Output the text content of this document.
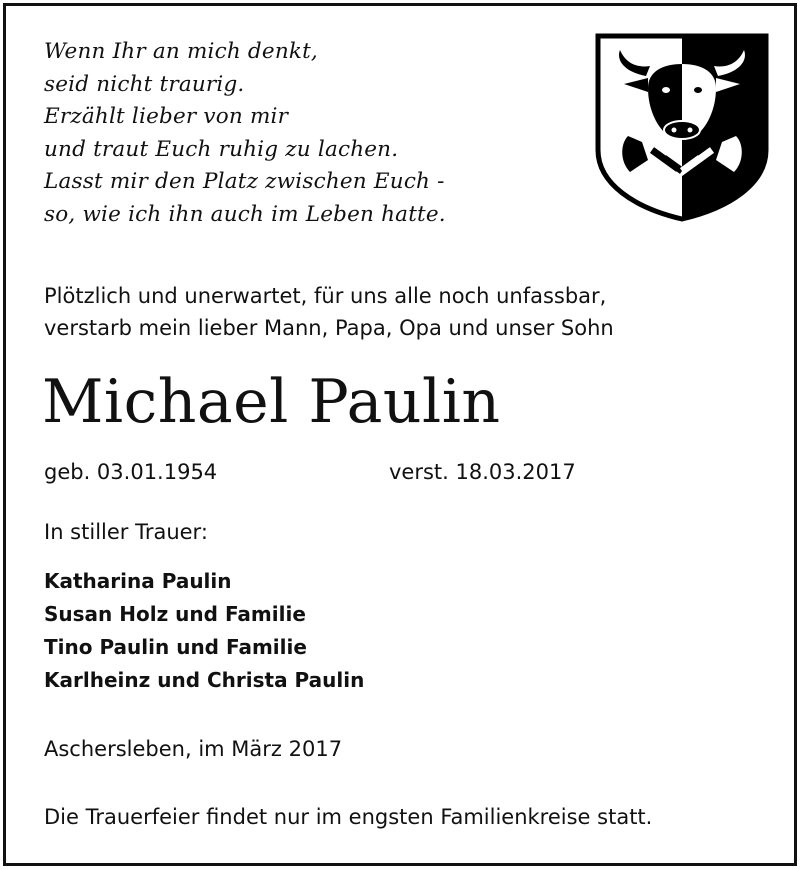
Wenn Ihr an mich denkt,
seid nicht traurig.
Erzählt lieber von mir
und traut Euch ruhig zu lachen.
Lasst mir den Platz zwischen Euch -
so, wie ich ihn auch im Leben hatte.
Plötzlich und unerwartet, für uns alle noch unfassbar,
verstarb mein lieber Mann, Papa, Opa und unser Sohn
Michael Paulin
geb. 03.01.1954	verst. 18.03.2017
In stiller Trauer:
Katharina Paulin
Susan Holz und Familie
Tino Paulin und Familie
Karlheinz und Christa Paulin
Aschersleben, im März 2017
Die Trauerfeier findet nur im engsten Familienkreise statt.
